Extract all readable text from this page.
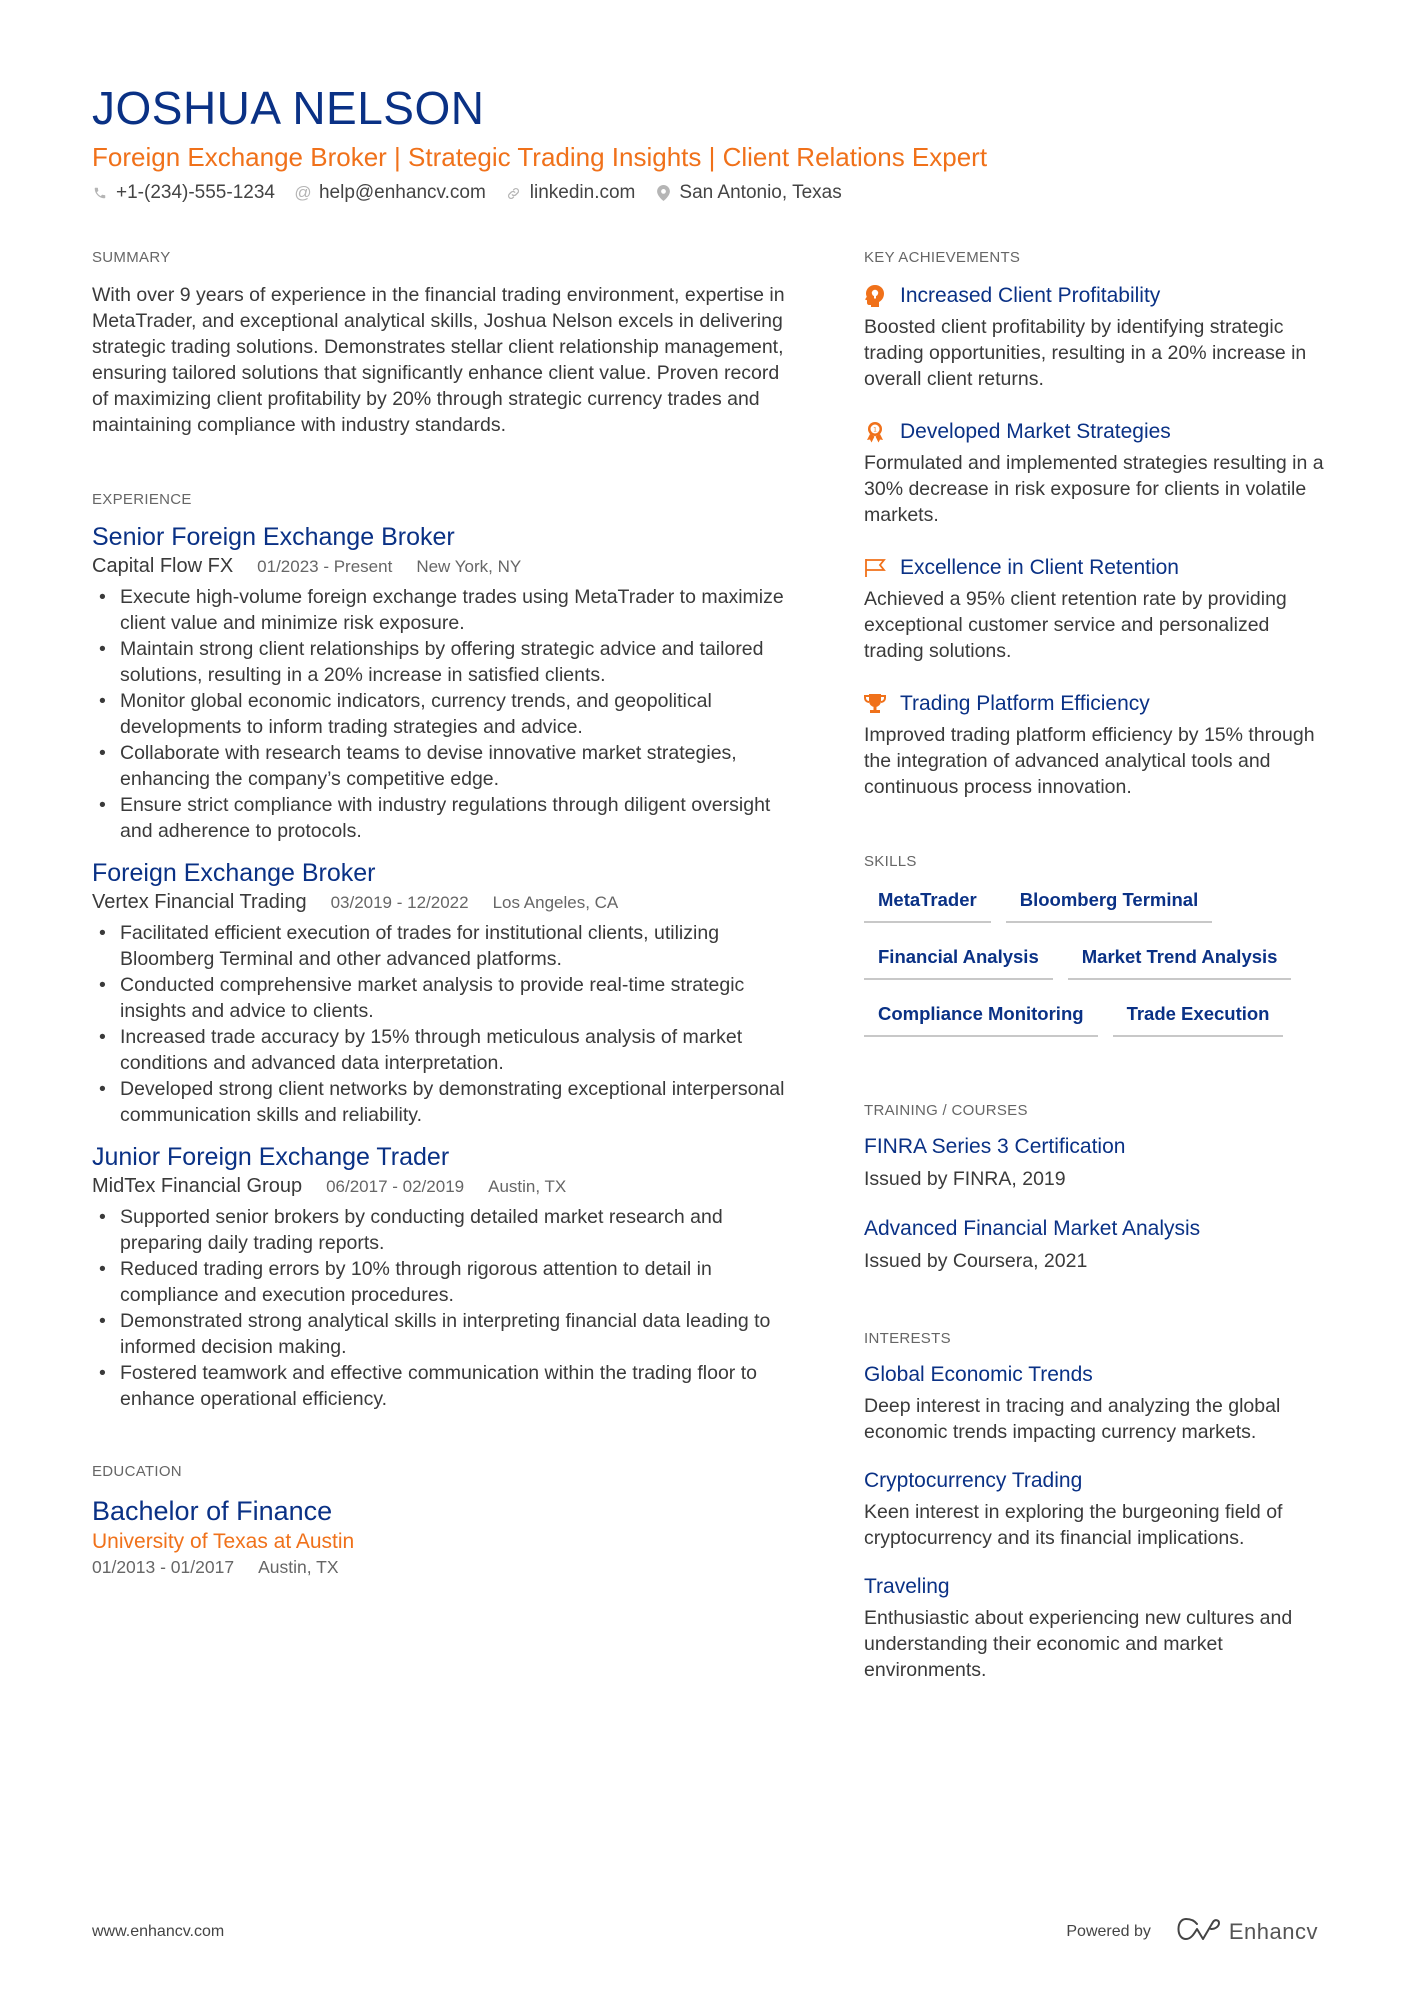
JOSHUA NELSON
Foreign Exchange Broker | Strategic Trading Insights | Client Relations Expert
+1-(234)-555-1234 @ help@enhancv.com linkedin.com San Antonio, Texas
SUMMARY
With over 9 years of experience in the financial trading environment, expertise in MetaTrader, and exceptional analytical skills, Joshua Nelson excels in delivering strategic trading solutions. Demonstrates stellar client relationship management, ensuring tailored solutions that significantly enhance client value. Proven record of maximizing client profitability by 20% through strategic currency trades and maintaining compliance with industry standards.
EXPERIENCE
Senior Foreign Exchange Broker
Capital Flow FX 01/2023 - Present New York, NY
• Execute high-volume foreign exchange trades using MetaTrader to maximize client value and minimize risk exposure.
• Maintain strong client relationships by offering strategic advice and tailored solutions, resulting in a 20% increase in satisfied clients.
• Monitor global economic indicators, currency trends, and geopolitical developments to inform trading strategies and advice.
• Collaborate with research teams to devise innovative market strategies, enhancing the company’s competitive edge.
• Ensure strict compliance with industry regulations through diligent oversight and adherence to protocols.
Foreign Exchange Broker
Vertex Financial Trading 03/2019 - 12/2022 Los Angeles, CA
• Facilitated efficient execution of trades for institutional clients, utilizing Bloomberg Terminal and other advanced platforms.
• Conducted comprehensive market analysis to provide real-time strategic insights and advice to clients.
• Increased trade accuracy by 15% through meticulous analysis of market conditions and advanced data interpretation.
• Developed strong client networks by demonstrating exceptional interpersonal communication skills and reliability.
Junior Foreign Exchange Trader
MidTex Financial Group 06/2017 - 02/2019 Austin, TX
• Supported senior brokers by conducting detailed market research and preparing daily trading reports.
• Reduced trading errors by 10% through rigorous attention to detail in compliance and execution procedures.
• Demonstrated strong analytical skills in interpreting financial data leading to informed decision making.
• Fostered teamwork and effective communication within the trading floor to enhance operational efficiency.
EDUCATION
Bachelor of Finance
University of Texas at Austin
01/2013 - 01/2017 Austin, TX
KEY ACHIEVEMENTS
Increased Client Profitability
Boosted client profitability by identifying strategic trading opportunities, resulting in a 20% increase in overall client returns.
1 Developed Market Strategies
Formulated and implemented strategies resulting in a 30% decrease in risk exposure for clients in volatile markets.
Excellence in Client Retention
Achieved a 95% client retention rate by providing exceptional customer service and personalized trading solutions.
Trading Platform Efficiency
Improved trading platform efficiency by 15% through the integration of advanced analytical tools and continuous process innovation.
SKILLS
MetaTrader	Bloomberg Terminal
Financial Analysis	Market Trend Analysis
Compliance Monitoring	Trade Execution
TRAINING / COURSES
FINRA Series 3 Certification
Issued by FINRA, 2019
Advanced Financial Market Analysis
Issued by Coursera, 2021
INTERESTS
Global Economic Trends
Deep interest in tracing and analyzing the global economic trends impacting currency markets.
Cryptocurrency Trading
Keen interest in exploring the burgeoning field of cryptocurrency and its financial implications.
Traveling
Enthusiastic about experiencing new cultures and understanding their economic and market environments.
www.enhancv.com	Powered by	Enhancv
